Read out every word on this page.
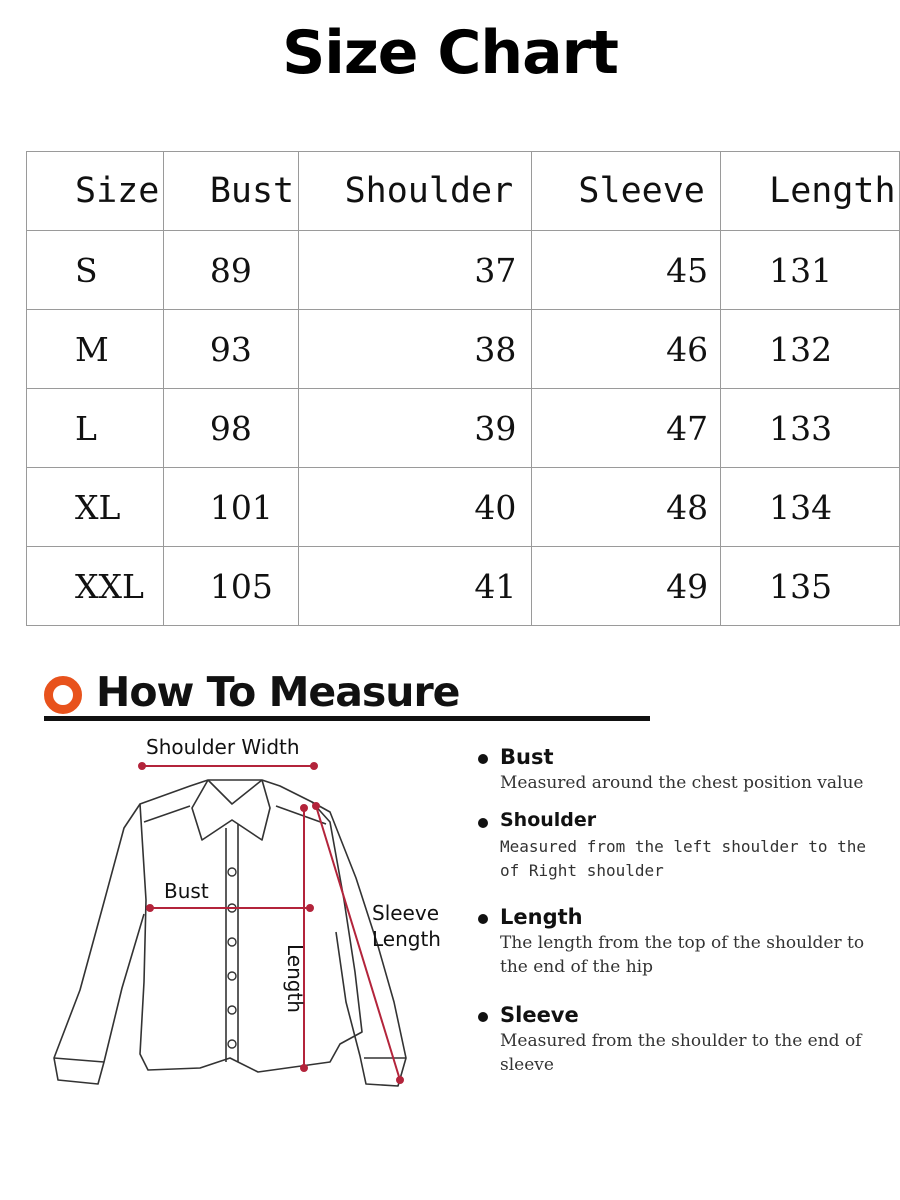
Size Chart
Size	Bust	Shoulder	Sleeve	Length
S	89	37	45	131
M	93	38	46	132
L	98	39	47	133
XL	101	40	48	134
XXL	105	41	49	135
How To Measure
Shoulder Width
Bust
Sleeve
Length
Length
Bust
Measured around the chest position value
Shoulder
Measured from the left shoulder to the of Right shoulder
Length
The length from the top of the shoulder to the end of the hip
Sleeve
Measured from the shoulder to the end of sleeve
